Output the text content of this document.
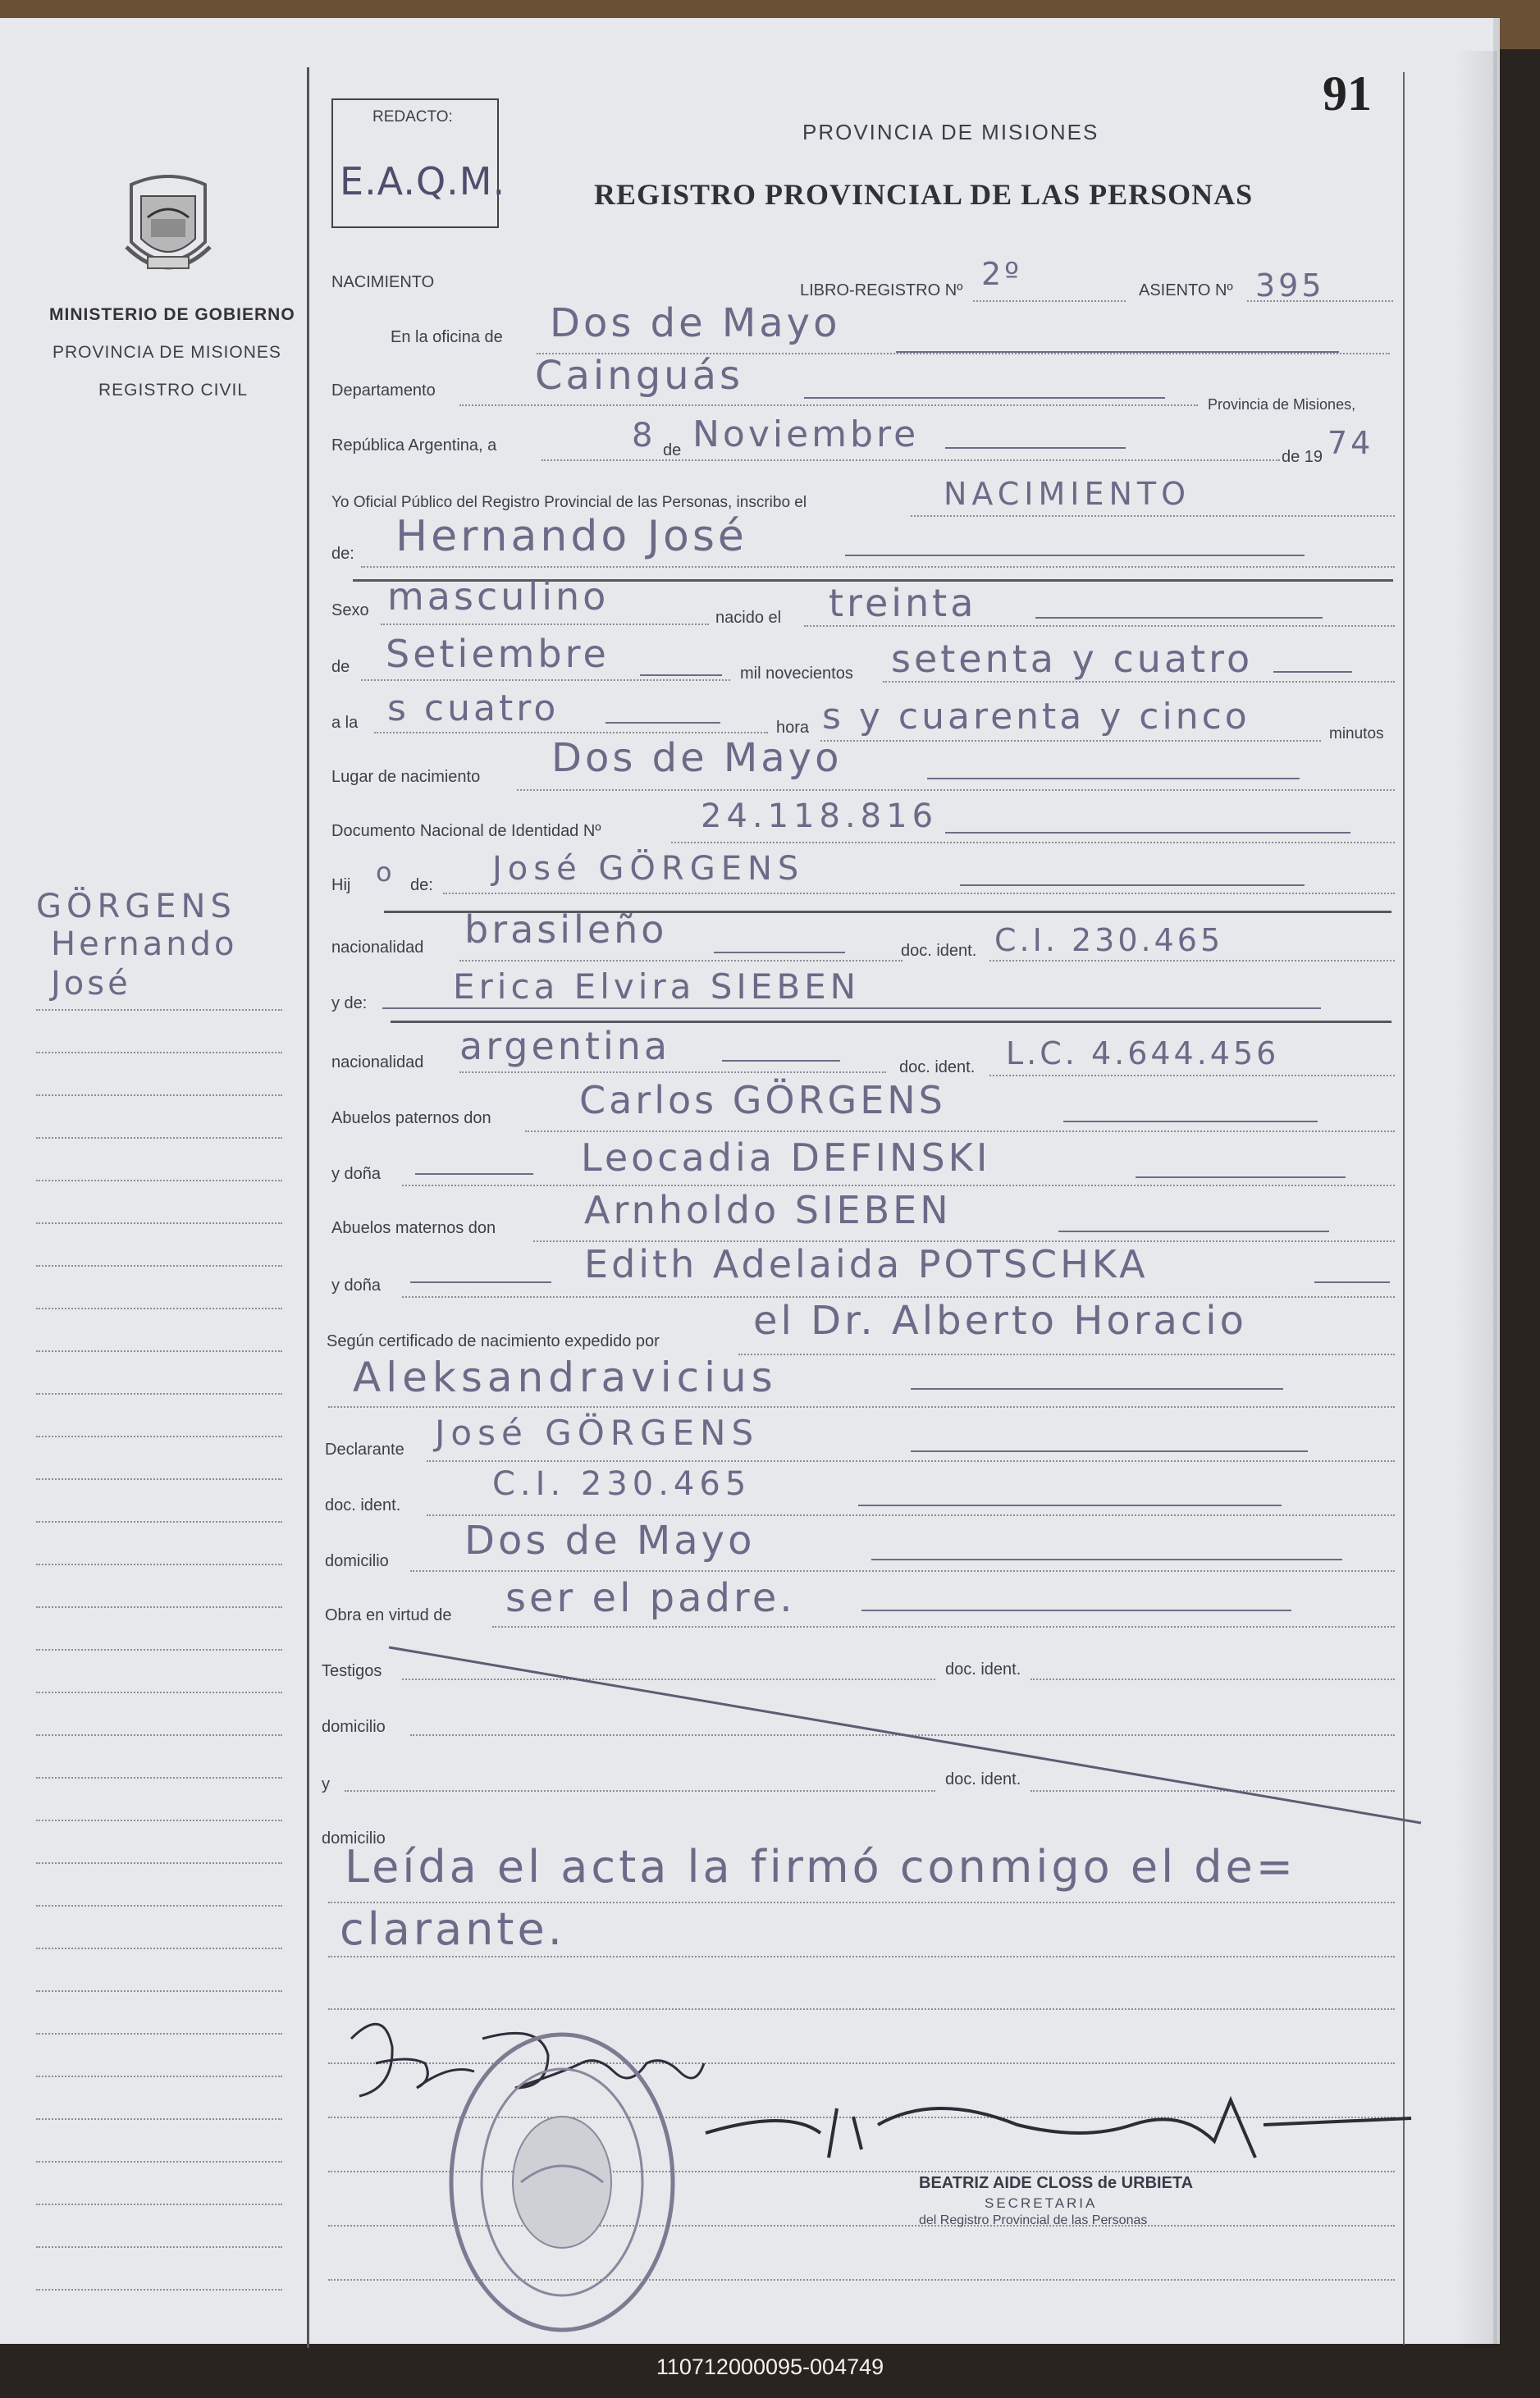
91
REDACTO:
E.A.Q.M.
MINISTERIO DE GOBIERNO
PROVINCIA DE MISIONES
REGISTRO CIVIL
GÖRGENS
Hernando
José
PROVINCIA DE MISIONES
REGISTRO PROVINCIAL DE LAS PERSONAS
NACIMIENTO	LIBRO-REGISTRO Nº 2º	ASIENTO Nº 395
En la oficina de Dos de Mayo
Departamento	Cainguás
Provincia de Misiones,
República Argentina, a	8 de Noviembre
de 19 74
Yo Oficial Público del Registro Provincial de las Personas, inscribo el	NACIMIENTO
de: Hernando José
Sexo masculino	nacido el treinta
de Setiembre	mil novecientos setenta y cuatro
a la s cuatro	hora s y cuarenta y cinco	minutos
Lugar de nacimiento Dos de Mayo
Documento Nacional de Identidad Nº	24.118.816
Hij o de: José GÖRGENS
nacionalidad brasileño	doc. ident. C.I. 230.465
y de: Erica Elvira SIEBEN
nacionalidad argentina	doc. ident. L.C. 4.644.456
Abuelos paternos don Carlos GÖRGENS
y doña	Leocadia DEFINSKI
Abuelos maternos don Arnholdo SIEBEN
y doña	Edith Adelaida POTSCHKA
Según certificado de nacimiento expedido por el Dr. Alberto Horacio
Aleksandravicius
Declarante José GÖRGENS
doc. ident.
C.I. 230.465
domicilio Dos de Mayo
Obra en virtud de ser el padre.
Testigos	doc. ident.
domicilio
y	doc. ident.
domicilio
Leída el acta la firmó conmigo el de=
clarante.
BEATRIZ AIDE CLOSS de URBIETA
SECRETARIA
del Registro Provincial de las Personas
110712000095-004749
